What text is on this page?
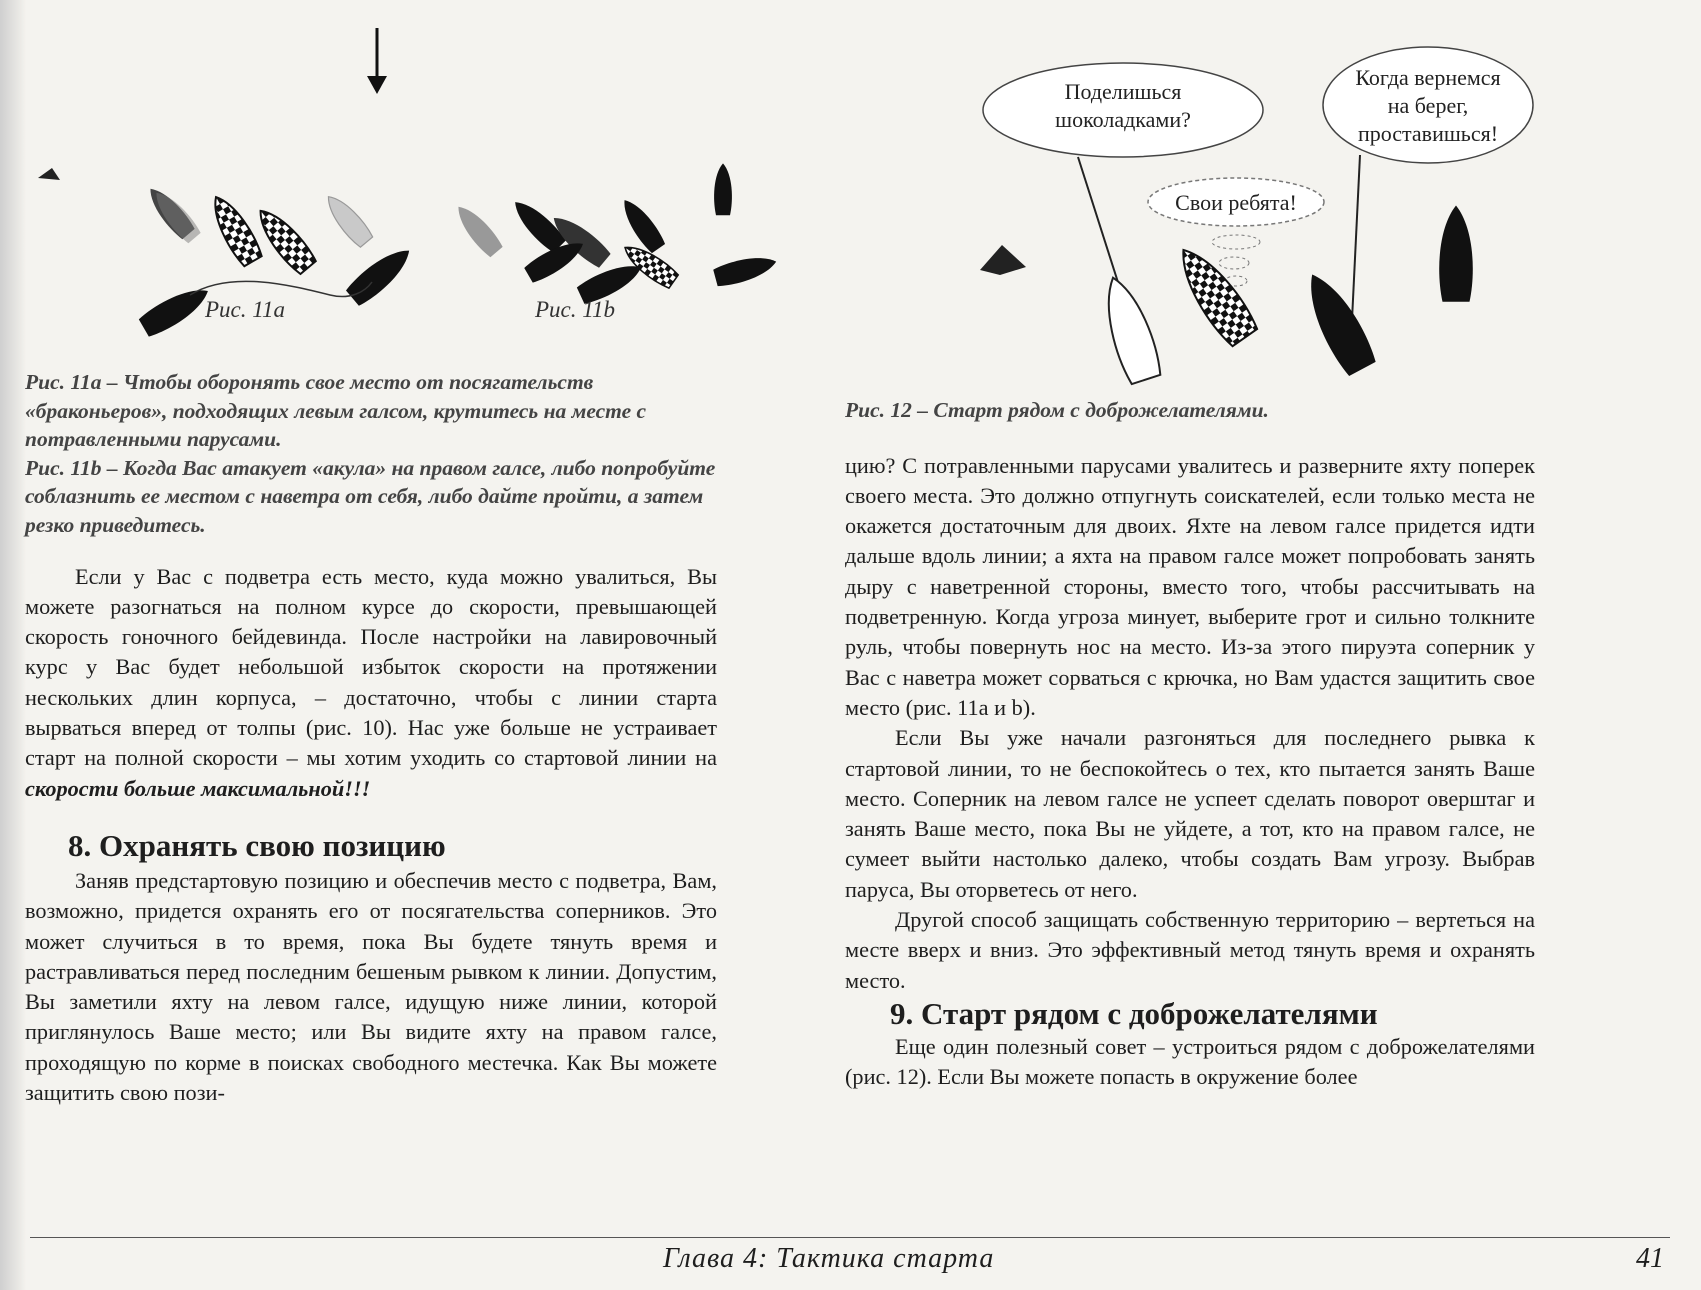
Рис. 11a	Рис. 11b
Поделишься
шоколадками?
Когда вернемся
на берег,
проставишься!
Свои ребята!

Рис. 11а – Чтобы оборонять свое место от посягательств «браконьеров», подходящих левым галсом, крутитесь на месте с потравленными парусами.

Рис. 11b – Когда Вас атакует «акула» на правом галсе, либо попробуйте соблазнить ее местом с наветра от себя, либо дайте пройти, а затем резко приведитесь.

Если у Вас с подветра есть место, куда можно увалиться, Вы можете разогнаться на полном курсе до скорости, превышающей скорость гоночного бейдевинда. После настройки на лавировочный курс у Вас будет небольшой избыток скорости на протяжении нескольких длин корпуса, – достаточно, чтобы с линии старта вырваться вперед от толпы (рис. 10). Нас уже больше не устраивает старт на полной скорости – мы хотим уходить со стартовой линии на скорости больше максимальной!!!

8. Охранять свою позицию

Заняв предстартовую позицию и обеспечив место с подветра, Вам, возможно, придется охранять его от посягательства соперников. Это может случиться в то время, пока Вы будете тянуть время и растравливаться перед последним бешеным рывком к линии. Допустим, Вы заметили яхту на левом галсе, идущую ниже линии, которой приглянулось Ваше место; или Вы видите яхту на правом галсе, проходящую по корме в поисках свободного местечка. Как Вы можете защитить свою пози-

Рис. 12 – Старт рядом с доброжелателями.

цию? С потравленными парусами увалитесь и разверните яхту поперек своего места. Это должно отпугнуть соискателей, если только места не окажется достаточным для двоих. Яхте на левом галсе придется идти дальше вдоль линии; а яхта на правом галсе может попробовать занять дыру с наветренной стороны, вместо того, чтобы рассчитывать на подветренную. Когда угроза минует, выберите грот и сильно толкните руль, чтобы повернуть нос на место. Из-за этого пируэта соперник у Вас с наветра может сорваться с крючка, но Вам удастся защитить свое место (рис. 11a и b).

Если Вы уже начали разгоняться для последнего рывка к стартовой линии, то не беспокойтесь о тех, кто пытается занять Ваше место. Соперник на левом галсе не успеет сделать поворот оверштаг и занять Ваше место, пока Вы не уйдете, а тот, кто на правом галсе, не сумеет выйти настолько далеко, чтобы создать Вам угрозу. Выбрав паруса, Вы оторветесь от него.

Другой способ защищать собственную территорию – вертеться на месте вверх и вниз. Это эффективный метод тянуть время и охранять место.

9. Старт рядом с доброжелателями

Еще один полезный совет – устроиться рядом с доброжелателями (рис. 12). Если Вы можете попасть в окружение более

Глава 4: Тактика старта	41
